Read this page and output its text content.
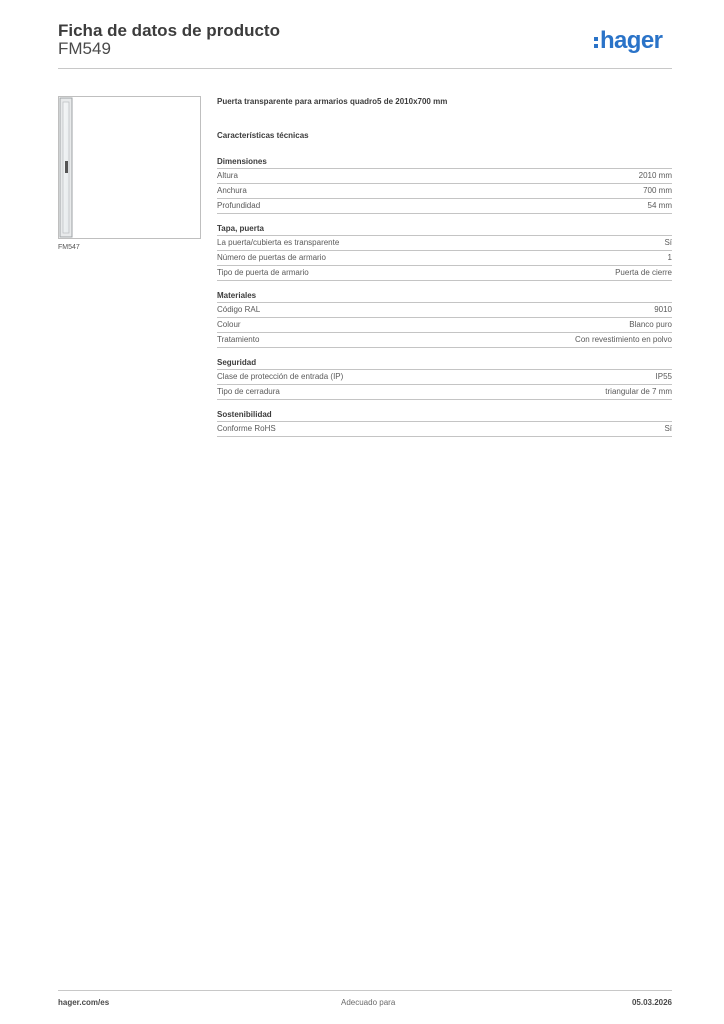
Ficha de datos de producto
FM549	hager
FM547
Puerta transparente para armarios quadro5 de 2010x700 mm
Características técnicas
Dimensiones
Altura	2010 mm
Anchura	700 mm
Profundidad	54 mm
Tapa, puerta
La puerta/cubierta es transparente	Sí
Número de puertas de armario	1
Tipo de puerta de armario	Puerta de cierre
Materiales
Código RAL	9010
Colour	Blanco puro
Tratamiento	Con revestimiento en polvo
Seguridad
Clase de protección de entrada (IP)	IP55
Tipo de cerradura	triangular de 7 mm
Sostenibilidad
Conforme RoHS	Sí
hager.com/es	Adecuado para	05.03.2026
